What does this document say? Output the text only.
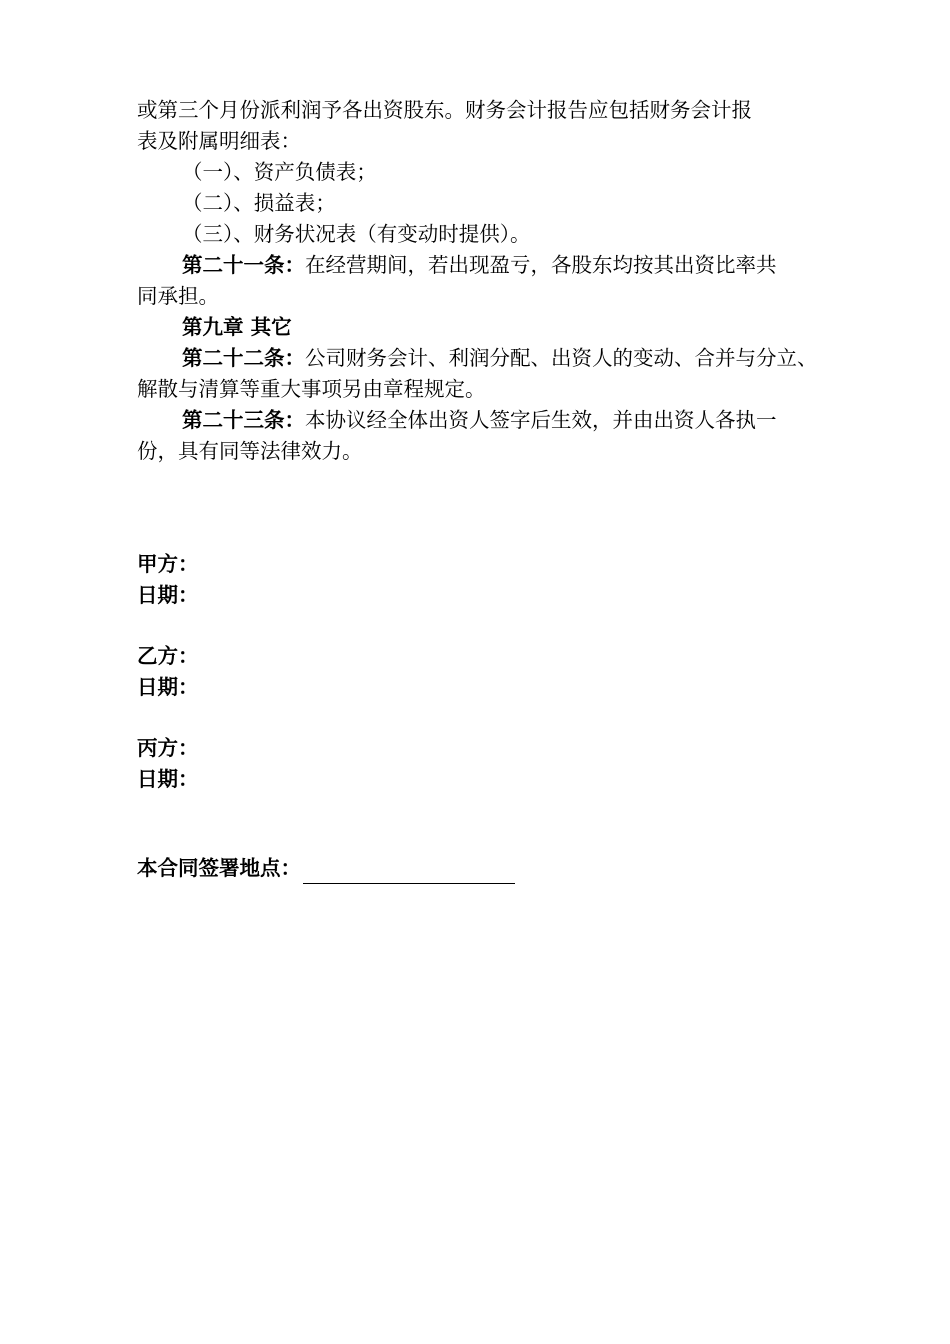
或第三个月份派利润予各出资股东。财务会计报告应包括财务会计报
表及附属明细表：
（一）、资产负债表；
（二）、损益表；
（三）、财务状况表（有变动时提供）。
第二十一条：在经营期间，若出现盈亏，各股东均按其出资比率共
同承担。
第九章 其它
第二十二条：公司财务会计、利润分配、出资人的变动、合并与分立、
解散与清算等重大事项另由章程规定。
第二十三条：本协议经全体出资人签字后生效，并由出资人各执一
份，具有同等法律效力。
甲方：
日期：
乙方：
日期：
丙方：
日期：
本合同签署地点：
